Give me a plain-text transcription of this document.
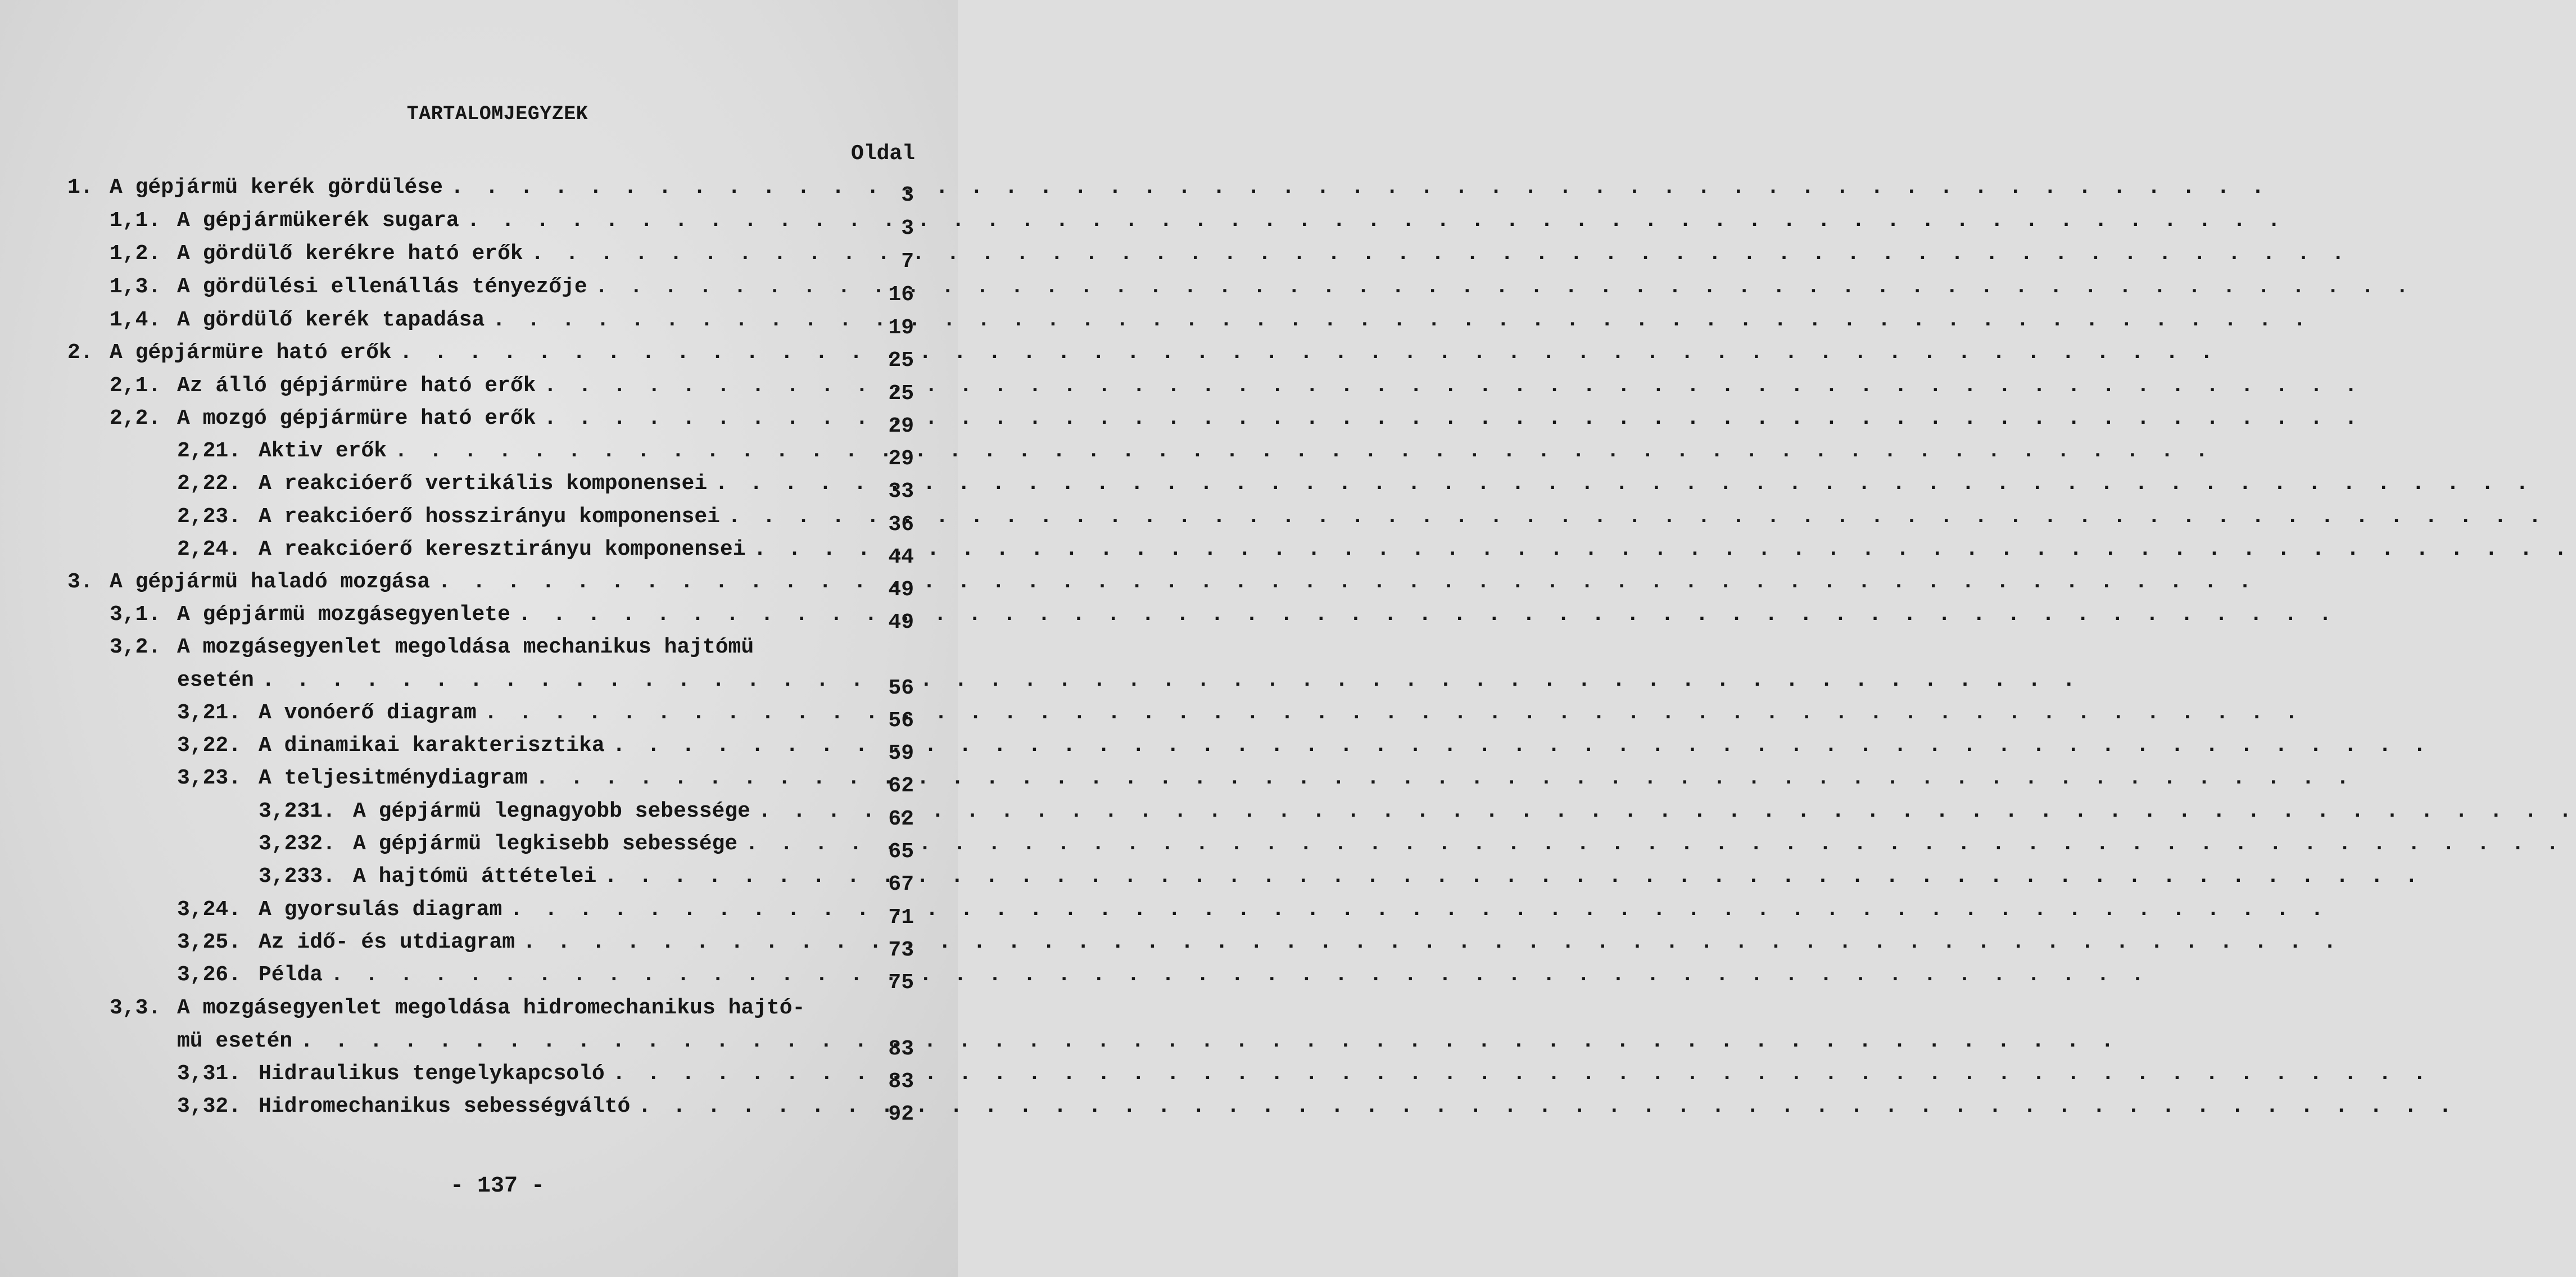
TARTALOMJEGYZEK
Oldal
1. A gépjármü kerék gördülése . . .	3
1,1. A gépjármükerék sugara . . .	3
1,2. A gördülő kerékre ható erők . . .	7
1,3. A gördülési ellenállás tényezője . . .	16
1,4. A gördülő kerék tapadása . . .	19
2. A gépjármüre ható erők . . .	25
2,1. Az álló gépjármüre ható erők . . .	25
2,2. A mozgó gépjármüre ható erők . . .	29
2,21. Aktiv erők . . .	29
2,22. A reakcióerő vertikális komponensei . . .	33
2,23. A reakcióerő hosszirányu komponensei . . .	36
2,24. A reakcióerő keresztirányu komponensei . . .	44
3. A gépjármü haladó mozgása . . .	49
3,1. A gépjármü mozgásegyenlete . . .	49
3,2. A mozgásegyenlet megoldása mechanikus hajtómü
esetén . . .	56
3,21. A vonóerő diagram . . .	56
3,22. A dinamikai karakterisztika . . .	59
3,23. A teljesitménydiagram . . .	62
3,231. A gépjármü legnagyobb sebessége . . .	62
3,232. A gépjármü legkisebb sebessége . . .	65
3,233. A hajtómü áttételei . . .	67
3,24. A gyorsulás diagram . . .	71
3,25. Az idő- és utdiagram . . .	73
3,26. Példa . . .	75
3,3. A mozgásegyenlet megoldása hidromechanikus hajtó-
mü esetén . . .	83
3,31. Hidraulikus tengelykapcsoló . . .	83
3,32. Hidromechanikus sebességváltó . . .	92
- 137 -
